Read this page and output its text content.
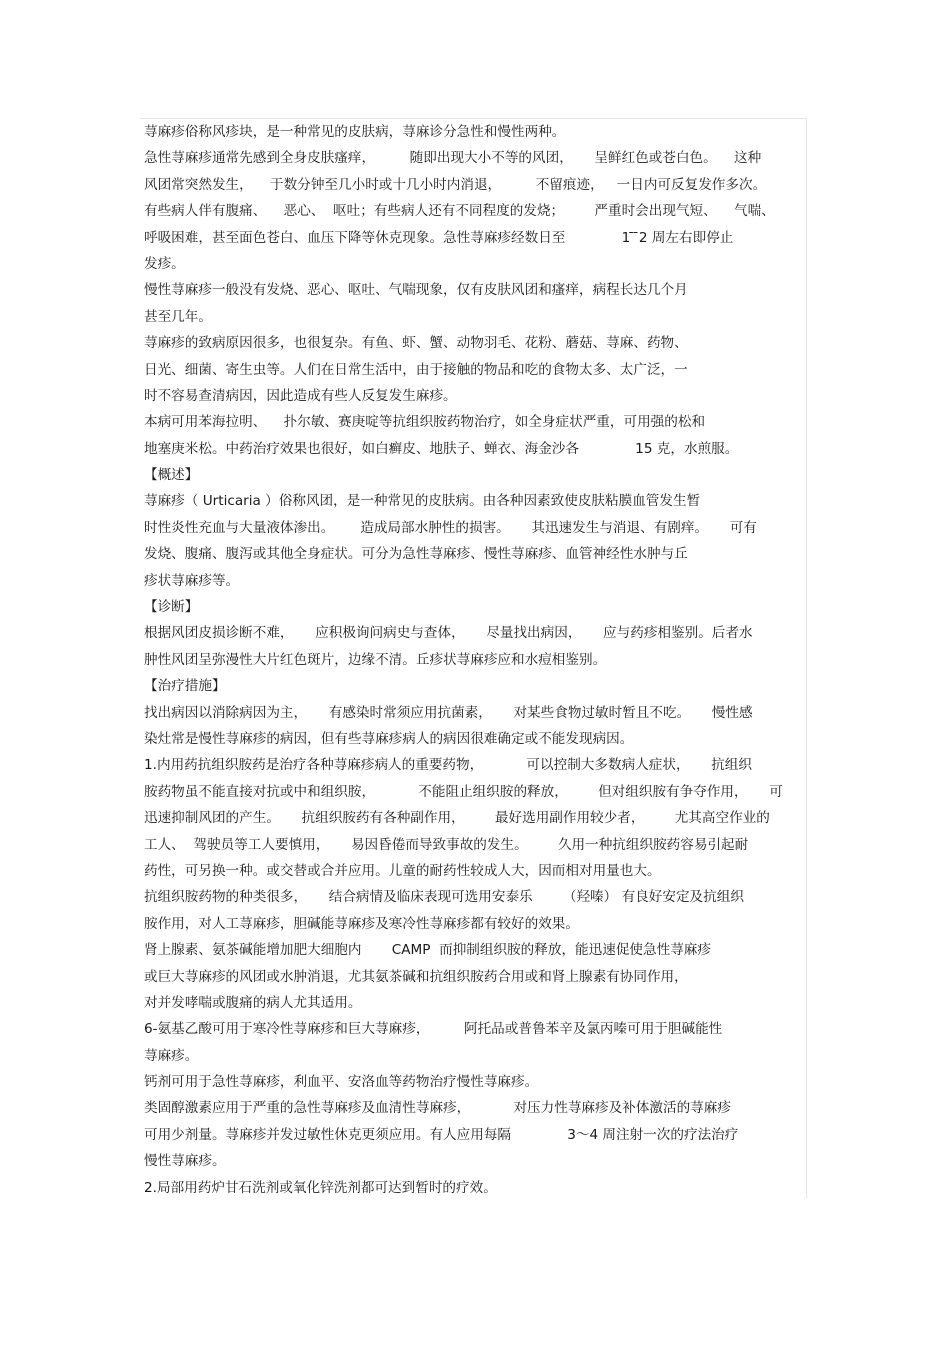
荨麻疹俗称风疹块，是一种常见的皮肤病，荨麻诊分急性和慢性两种。
急性荨麻疹通常先感到全身皮肤瘙痒，        随即出现大小不等的风团，     呈鲜红色或苍白色。    这种
风团常突然发生，    于数分钟至几小时或十几小时内消退，        不留痕迹，   一日内可反复发作多次。
有些病人伴有腹痛、    恶心、  呕吐；有些病人还有不同程度的发烧；       严重时会出现气短、    气喘、
呼吸困难，甚至面色苍白、血压下降等休克现象。急性荨麻疹经数日至             1 ̄ ̄2 周左右即停止
发疹。
慢性荨麻疹一般没有发烧、恶心、呕吐、气喘现象，仅有皮肤风团和瘙痒，病程长达几个月
甚至几年。
荨麻疹的致病原因很多，也很复杂。有鱼、虾、蟹、动物羽毛、花粉、蘑菇、荨麻、药物、
日光、细菌、寄生虫等。人们在日常生活中，由于接触的物品和吃的食物太多、太广泛，一
时不容易查清病因，因此造成有些人反复发生麻疹。
本病可用苯海拉明、    扑尔敏、赛庚啶等抗组织胺药物治疗，如全身症状严重，可用强的松和
地塞庚米松。中药治疗效果也很好，如白癣皮、地肤子、蝉衣、海金沙各             15 克，水煎服。
【概述】
荨麻疹（ Urticaria ）俗称风团，是一种常见的皮肤病。由各种因素致使皮肤粘膜血管发生暂
时性炎性充血与大量液体渗出。      造成局部水肿性的损害。     其迅速发生与消退、有剧痒。     可有
发烧、腹痛、腹泻或其他全身症状。可分为急性荨麻疹、慢性荨麻疹、血管神经性水肿与丘
疹状荨麻疹等。
【诊断】
根据风团皮损诊断不难，     应积极询问病史与查体，     尽量找出病因，     应与药疹相鉴别。后者水
肿性风团呈弥漫性大片红色斑片，边缘不清。丘疹状荨麻疹应和水痘相鉴别。
【治疗措施】
找出病因以消除病因为主，     有感染时常须应用抗菌素，     对某些食物过敏时暂且不吃。     慢性感
染灶常是慢性荨麻疹的病因，但有些荨麻疹病人的病因很难确定或不能发现病因。
1.内用药抗组织胺药是治疗各种荨麻疹病人的重要药物，          可以控制大多数病人症状，     抗组织
胺药物虽不能直接对抗或中和组织胺，          不能阻止组织胺的释放，       但对组织胺有争夺作用，     可
迅速抑制风团的产生。     抗组织胺药有各种副作用，       最好选用副作用较少者，       尤其高空作业的
工人、  驾驶员等工人要慎用，     易因昏倦而导致事故的发生。       久用一种抗组织胺药容易引起耐
药性，可另换一种。或交替或合并应用。儿童的耐药性较成人大，因而相对用量也大。
抗组织胺药物的种类很多，     结合病情及临床表现可选用安泰乐       （羟嗪） 有良好安定及抗组织
胺作用，对人工荨麻疹，胆碱能荨麻疹及寒冷性荨麻疹都有较好的效果。
肾上腺素、氨茶碱能增加肥大细胞内       CAMP  而抑制组织胺的释放，能迅速促使急性荨麻疹
或巨大荨麻疹的风团或水肿消退，尤其氨茶碱和抗组织胺药合用或和肾上腺素有协同作用，
对并发哮喘或腹痛的病人尤其适用。
6-氨基乙酸可用于寒冷性荨麻疹和巨大荨麻疹，        阿托品或普鲁苯辛及氯丙嗪可用于胆碱能性
荨麻疹。
钙剂可用于急性荨麻疹，利血平、安洛血等药物治疗慢性荨麻疹。
类固醇激素应用于严重的急性荨麻疹及血清性荨麻疹，          对压力性荨麻疹及补体激活的荨麻疹
可用少剂量。荨麻疹并发过敏性休克更须应用。有人应用每隔             3～4 周注射一次的疗法治疗
慢性荨麻疹。
2.局部用药炉甘石洗剂或氧化锌洗剂都可达到暂时的疗效。
